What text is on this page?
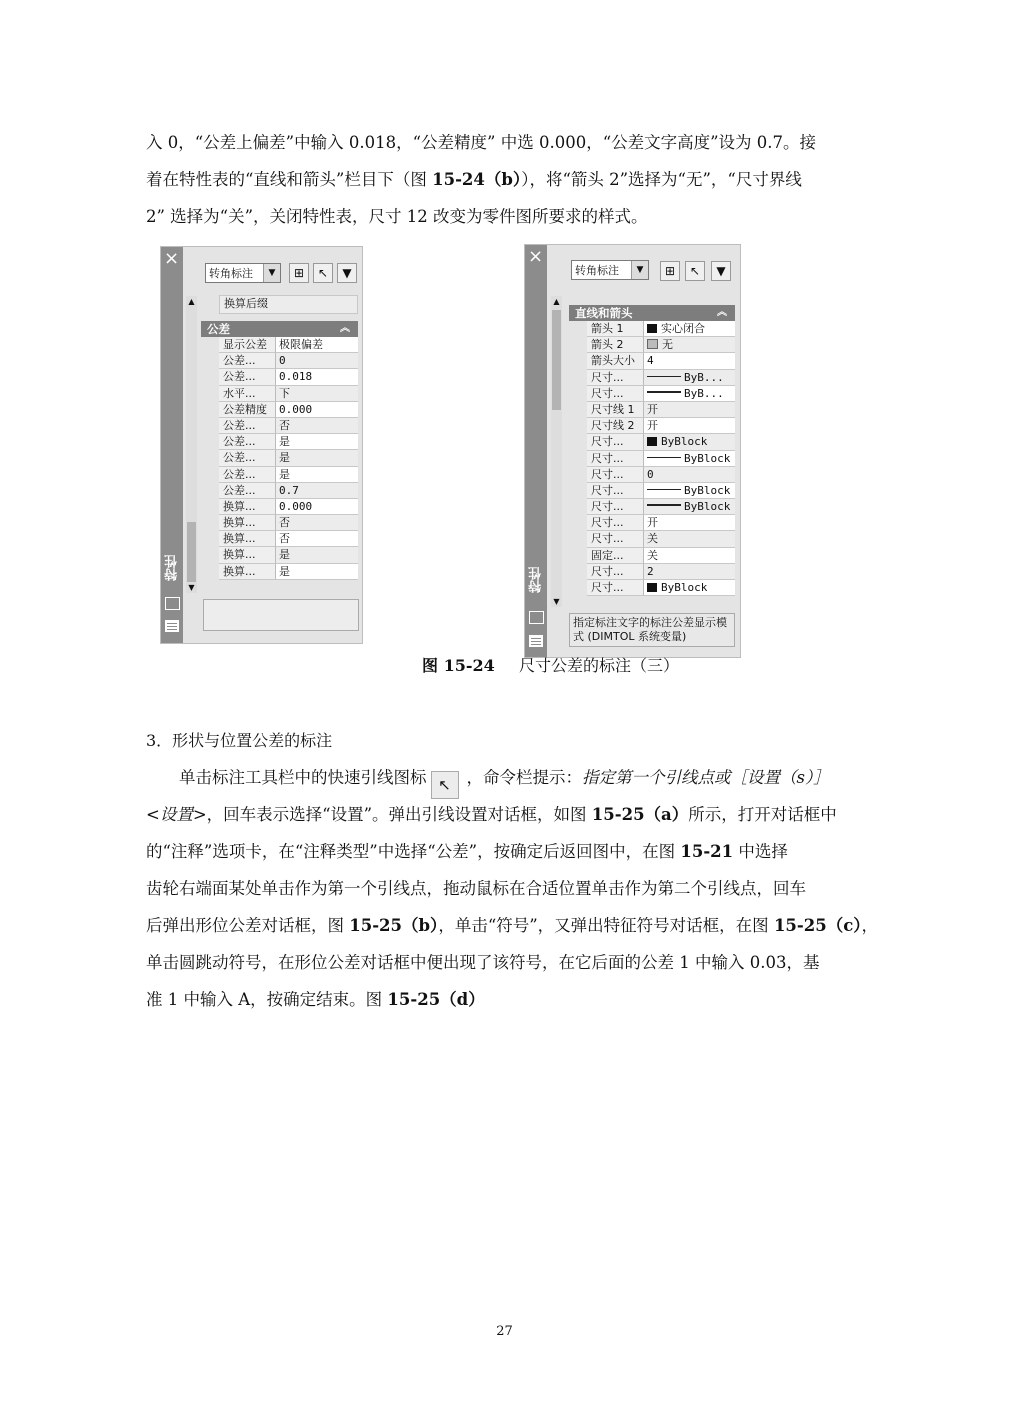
入 0，“公差上偏差”中输入 0.018，“公差精度” 中选 0.000，“公差文字高度”设为 0.7。接
着在特性表的“直线和箭头”栏目下（图 15-24（b）），将“箭头 2”选择为“无”，“尺寸界线
2” 选择为“关”，关闭特性表，尺寸 12 改变为零件图所要求的样式。
×
特性
转角标注	▼	⊞	↖	▼
▲
▼
换算后缀
公差	︽
显示公差	极限偏差
公差...	0
公差...	0.018
水平...	下
公差精度	0.000
公差...	否
公差...	是
公差...	是
公差...	是
公差...	0.7
换算...	0.000
换算...	否
换算...	否
换算...	是
换算...	是
×
特性
转角标注	▼	⊞	↖	▼
▲
▼
直线和箭头	︽
箭头 1	实心闭合
箭头 2	无
箭头大小	4
尺寸...	ByB...
尺寸...	ByB...
尺寸线 1	开
尺寸线 2	开
尺寸...	ByBlock
尺寸...	ByBlock
尺寸...	0
尺寸...	ByBlock
尺寸...	ByBlock
尺寸...	开
尺寸...	关
固定...	关
尺寸...	2
尺寸...	ByBlock
指定标注文字的标注公差显示模式 (DIMTOL 系统变量)
图 15-24 尺寸公差的标注（三）
3．形状与位置公差的标注
单击标注工具栏中的快速引线图标 ↖ ，命令栏提示：指定第一个引线点或［设置（s）］
<设置>，回车表示选择“设置”。弹出引线设置对话框，如图 15-25（a）所示，打开对话框中
的“注释”选项卡，在“注释类型”中选择“公差”，按确定后返回图中，在图 15-21 中选择
齿轮右端面某处单击作为第一个引线点，拖动鼠标在合适位置单击作为第二个引线点，回车
后弹出形位公差对话框，图 15-25（b），单击“符号”，又弹出特征符号对话框，在图 15-25（c），
单击圆跳动符号，在形位公差对话框中便出现了该符号，在它后面的公差 1 中输入 0.03，基
准 1 中输入 A，按确定结束。图 15-25（d）
27
